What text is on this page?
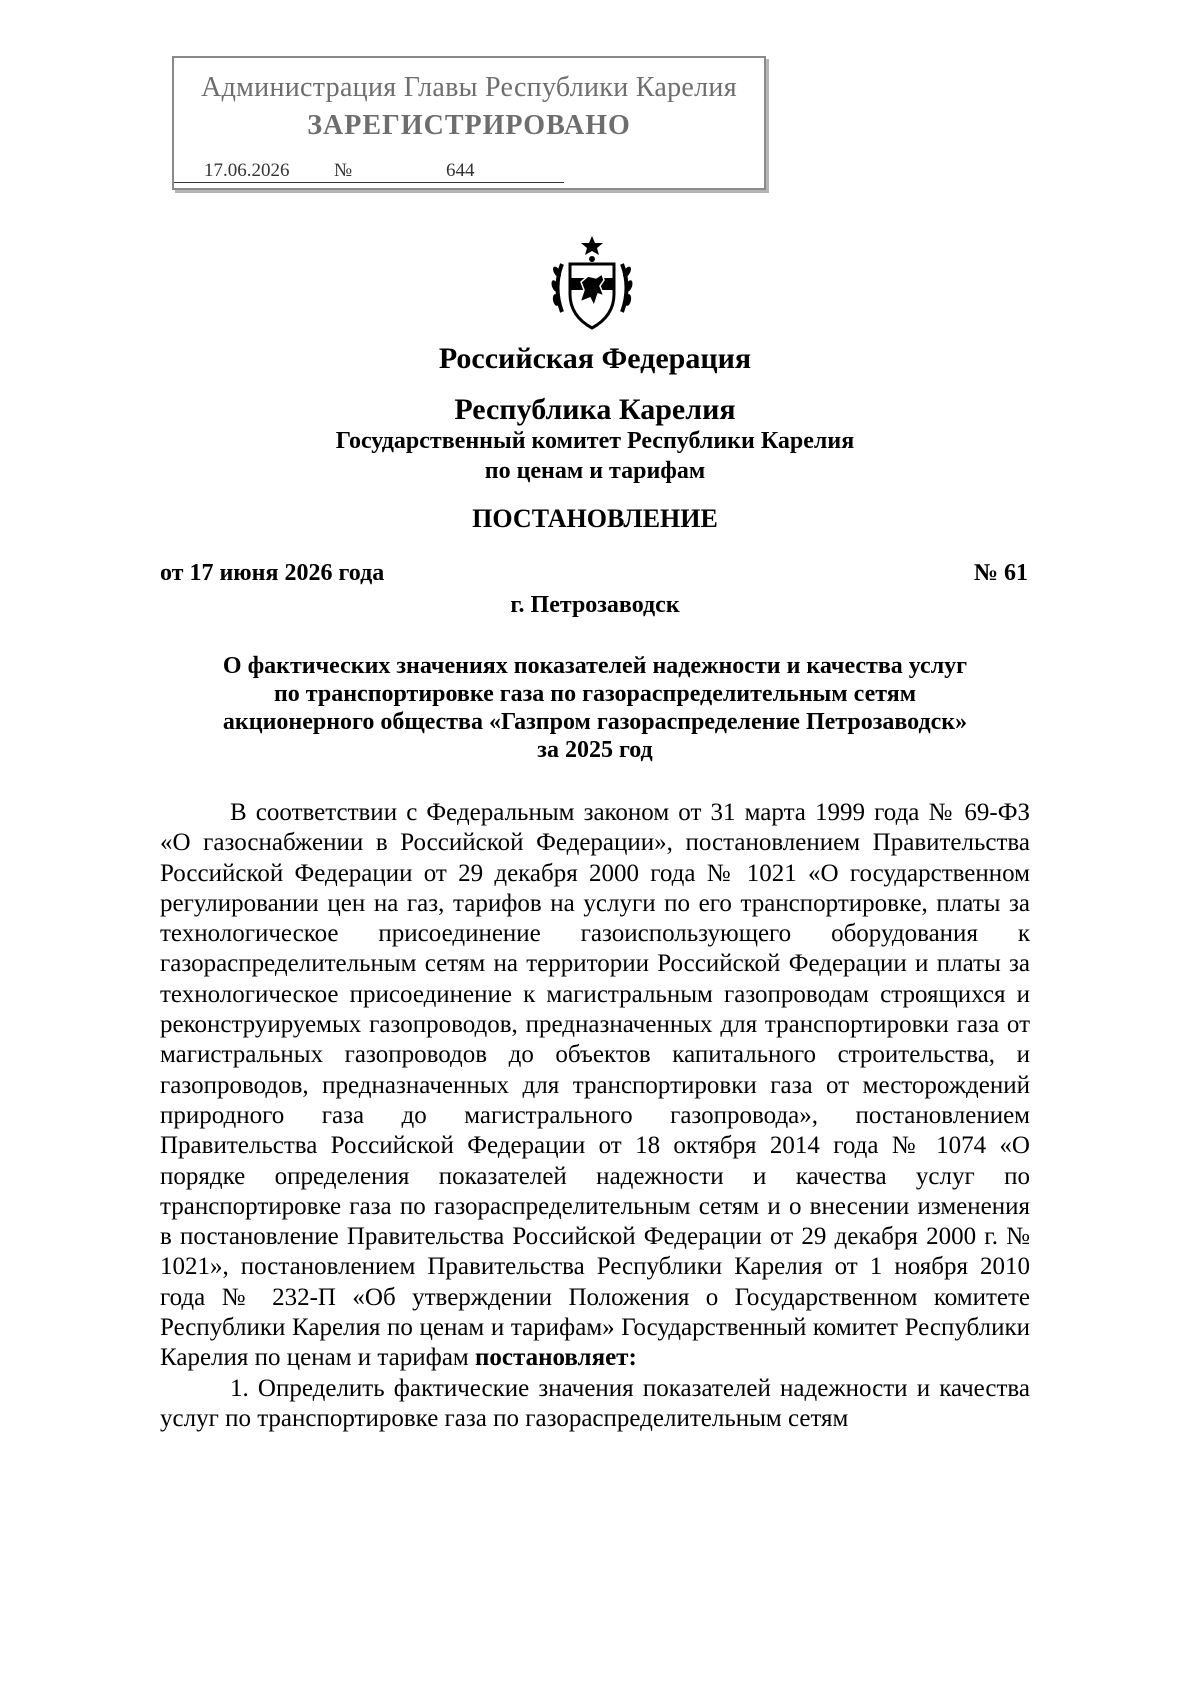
Администрация Главы Республики Карелия
ЗАРЕГИСТРИРОВАНО
17.06.2026 №	644
Российская Федерация
Республика Карелия
Государственный комитет Республики Карелия
по ценам и тарифам
ПОСТАНОВЛЕНИЕ
от 17 июня 2026 года	№ 61
г. Петрозаводск
О фактических значениях показателей надежности и качества услуг
по транспортировке газа по газораспределительным сетям
акционерного общества «Газпром газораспределение Петрозаводск»
за 2025 год

В соответствии с Федеральным законом от 31 марта 1999 года № 69-ФЗ «О газоснабжении в Российской Федерации», постановлением Правительства Российской Федерации от 29 декабря 2000 года № 1021 «О государственном регулировании цен на газ, тарифов на услуги по его транспортировке, платы за технологическое присоединение газоиспользующего оборудования к газораспределительным сетям на территории Российской Федерации и платы за технологическое присоединение к магистральным газопроводам строящихся и реконструируемых газопроводов, предназначенных для транспортировки газа от магистральных газопроводов до объектов капитального строительства, и газопроводов, предназначенных для транспортировки газа от месторождений природного газа до магистрального газопровода», постановлением Правительства Российской Федерации от 18 октября 2014 года № 1074 «О порядке определения показателей надежности и качества услуг по транспортировке газа по газораспределительным сетям и о внесении изменения в постановление Правительства Российской Федерации от 29 декабря 2000 г. № 1021», постановлением Правительства Республики Карелия от 1 ноября 2010 года № 232-П «Об утверждении Положения о Государственном комитете Республики Карелия по ценам и тарифам» Государственный комитет Республики Карелия по ценам и тарифам постановляет:

1. Определить фактические значения показателей надежности и качества услуг по транспортировке газа по газораспределительным сетям
